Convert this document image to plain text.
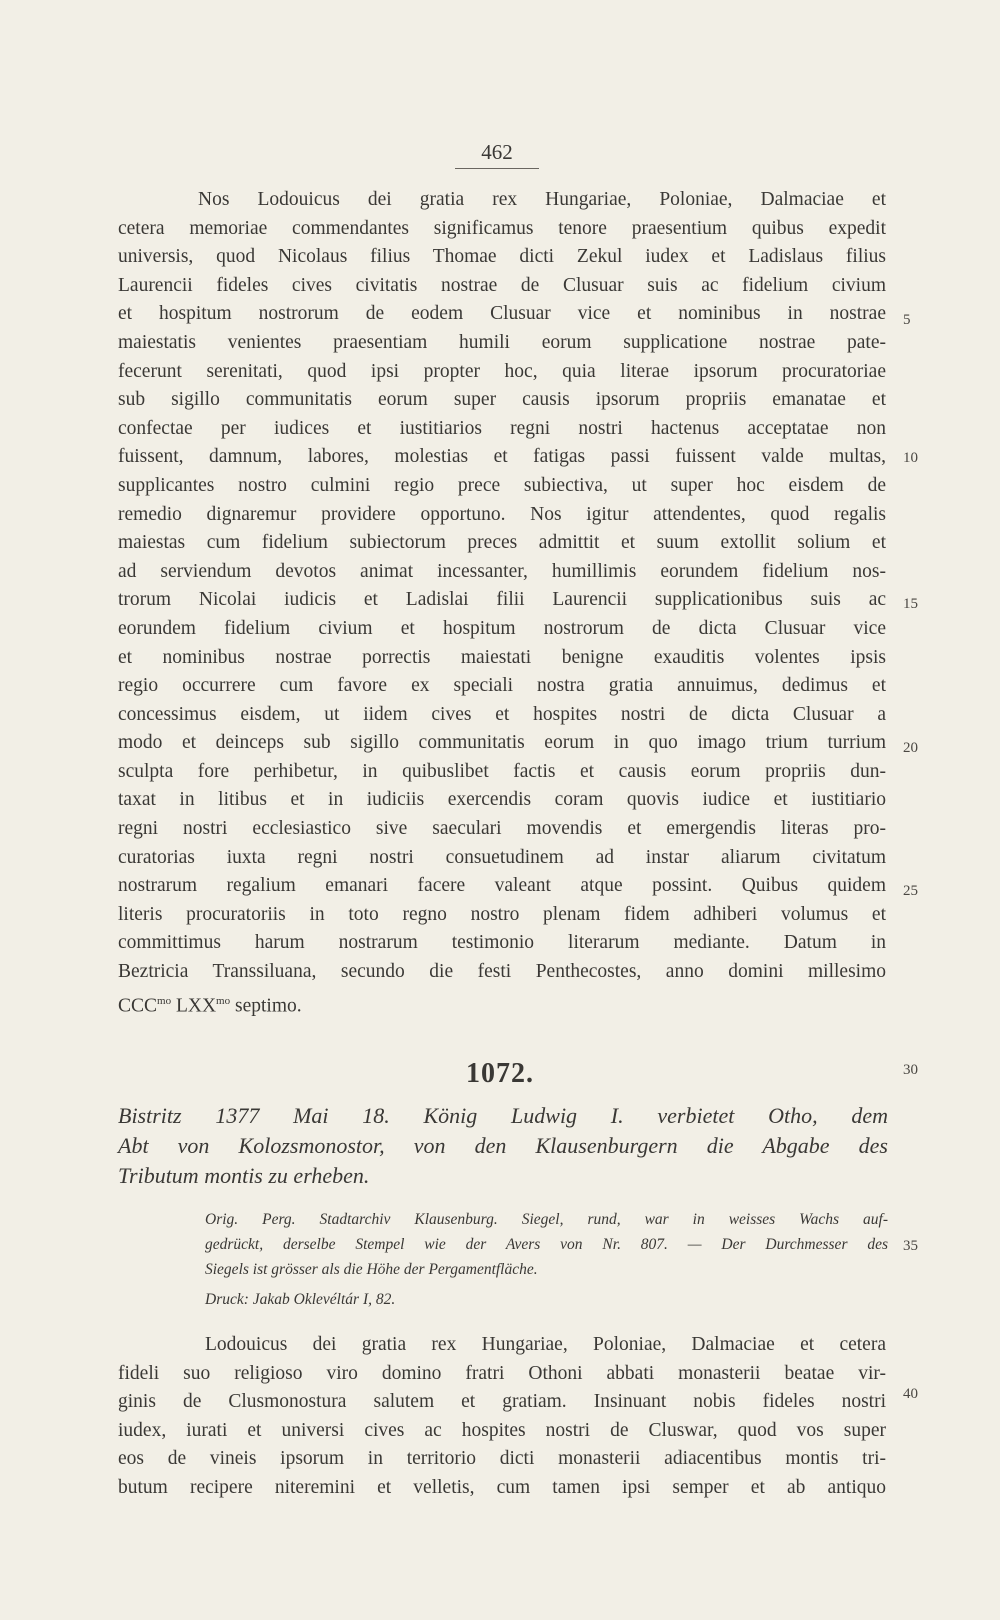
462
Nos Lodouicus dei gratia rex Hungariae, Poloniae, Dalmaciae et
cetera memoriae commendantes significamus tenore praesentium quibus expedit
universis, quod Nicolaus filius Thomae dicti Zekul iudex et Ladislaus filius
Laurencii fideles cives civitatis nostrae de Clusuar suis ac fidelium civium
et hospitum nostrorum de eodem Clusuar vice et nominibus in nostrae
maiestatis venientes praesentiam humili eorum supplicatione nostrae pate-
fecerunt serenitati, quod ipsi propter hoc, quia literae ipsorum procuratoriae
sub sigillo communitatis eorum super causis ipsorum propriis emanatae et
confectae per iudices et iustitiarios regni nostri hactenus acceptatae non
fuissent, damnum, labores, molestias et fatigas passi fuissent valde multas,
supplicantes nostro culmini regio prece subiectiva, ut super hoc eisdem de
remedio dignaremur providere opportuno. Nos igitur attendentes, quod regalis
maiestas cum fidelium subiectorum preces admittit et suum extollit solium et
ad serviendum devotos animat incessanter, humillimis eorundem fidelium nos-
trorum Nicolai iudicis et Ladislai filii Laurencii supplicationibus suis ac
eorundem fidelium civium et hospitum nostrorum de dicta Clusuar vice
et nominibus nostrae porrectis maiestati benigne exauditis volentes ipsis
regio occurrere cum favore ex speciali nostra gratia annuimus, dedimus et
concessimus eisdem, ut iidem cives et hospites nostri de dicta Clusuar a
modo et deinceps sub sigillo communitatis eorum in quo imago trium turrium
sculpta fore perhibetur, in quibuslibet factis et causis eorum propriis dun-
taxat in litibus et in iudiciis exercendis coram quovis iudice et iustitiario
regni nostri ecclesiastico sive saeculari movendis et emergendis literas pro-
curatorias iuxta regni nostri consuetudinem ad instar aliarum civitatum
nostrarum regalium emanari facere valeant atque possint. Quibus quidem
literis procuratoriis in toto regno nostro plenam fidem adhiberi volumus et
committimus harum nostrarum testimonio literarum mediante. Datum in
Beztricia Transsiluana, secundo die festi Penthecostes, anno domini millesimo
$CCC^{mo}$ $LXX^{mo}$ septimo.
1072.
Bistritz 1377 Mai 18. König Ludwig I. verbietet Otho, dem
Abt von Kolozsmonostor, von den Klausenburgern die Abgabe des
Tributum montis zu erheben.
Orig. Perg. Stadtarchiv Klausenburg. Siegel, rund, war in weisses Wachs auf-
gedrückt, derselbe Stempel wie der Avers von Nr. 807. — Der Durchmesser des
Siegels ist grösser als die Höhe der Pergamentfläche.
Druck: Jakab Oklevéltár I, 82.
Lodouicus dei gratia rex Hungariae, Poloniae, Dalmaciae et cetera
fideli suo religioso viro domino fratri Othoni abbati monasterii beatae vir-
ginis de Clusmonostura salutem et gratiam. Insinuant nobis fideles nostri
iudex, iurati et universi cives ac hospites nostri de Cluswar, quod vos super
eos de vineis ipsorum in territorio dicti monasterii adiacentibus montis tri-
butum recipere niteremini et velletis, cum tamen ipsi semper et ab antiquo
5
10
15
20
25
30
35
40
